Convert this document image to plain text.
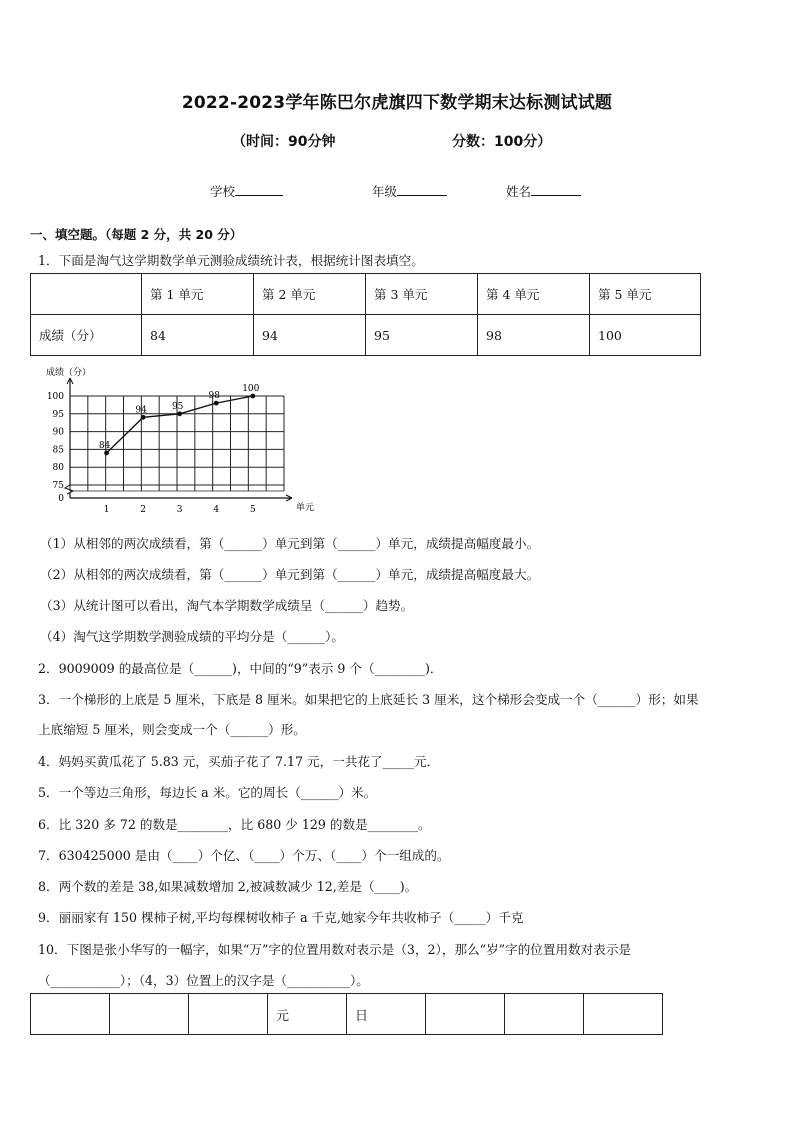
2022-2023学年陈巴尔虎旗四下数学期末达标测试试题
（时间：90分钟	分数：100分）
学校	年级	姓名
一、填空题。（每题 2 分，共 20 分）
1．下面是淘气这学期数学单元测验成绩统计表，根据统计图表填空。
	第 1 单元	第 2 单元	第 3 单元	第 4 单元	第 5 单元
成绩（分）	84	94	95	98	100
0
75
80
85
90
95
100
1	2	3	4	5
84
94	95
98
100
成绩（分）
单元
（1）从相邻的两次成绩看，第（______）单元到第（______）单元，成绩提高幅度最小。
（2）从相邻的两次成绩看，第（______）单元到第（______）单元，成绩提高幅度最大。
（3）从统计图可以看出，淘气本学期数学成绩呈（______）趋势。
（4）淘气这学期数学测验成绩的平均分是（______）。
2．9009009 的最高位是（______)，中间的“9”表示 9 个（________)．
3．一个梯形的上底是 5 厘米，下底是 8 厘米。如果把它的上底延长 3 厘米，这个梯形会变成一个（______）形；如果
上底缩短 5 厘米，则会变成一个（______）形。
4．妈妈买黄瓜花了 5.83 元，买茄子花了 7.17 元，一共花了_____元．
5．一个等边三角形，每边长 a 米。它的周长（______）米。
6．比 320 多 72 的数是________，比 680 少 129 的数是________。
7．630425000 是由（____）个亿、（____）个万、（____）个一组成的。
8．两个数的差是 38,如果减数增加 2,被减数减少 12,差是（____)。
9．丽丽家有 150 棵柿子树,平均每棵树收柿子 a 千克,她家今年共收柿子（_____）千克
10．下图是张小华写的一幅字，如果“万”字的位置用数对表示是（3，2），那么“岁”字的位置用数对表示是
（___________）；（4，3）位置上的汉字是（__________）。
			元	日			
